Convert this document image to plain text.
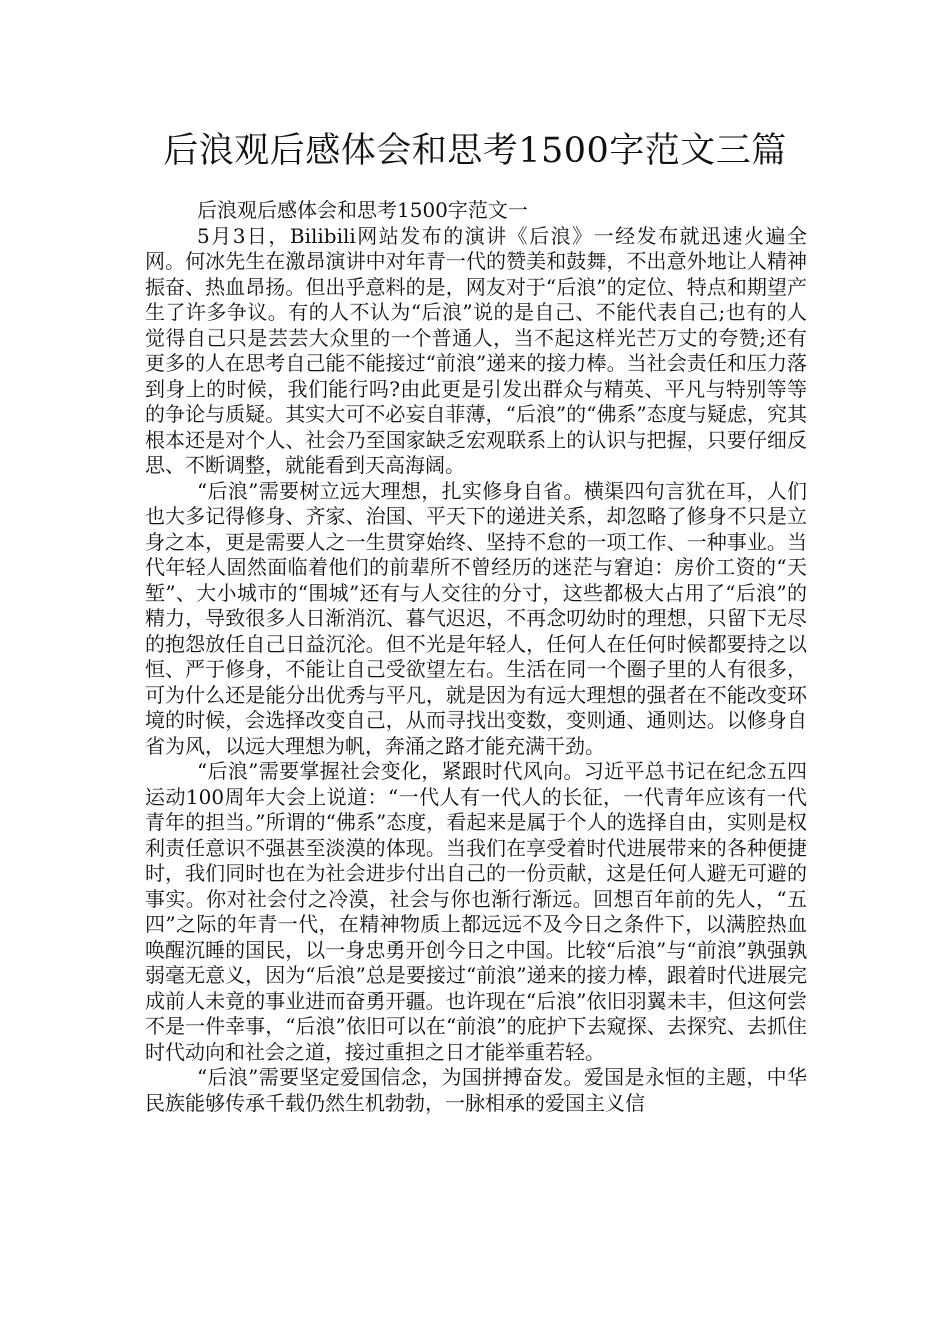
后浪观后感体会和思考1500字范文三篇

后浪观后感体会和思考1500字范文一

5月3日，Bilibili网站发布的演讲《后浪》一经发布就迅速火遍全网。何冰先生在激昂演讲中对年青一代的赞美和鼓舞，不出意外地让人精神振奋、热血昂扬。但出乎意料的是，网友对于“后浪”的定位、特点和期望产生了许多争议。有的人不认为“后浪”说的是自己、不能代表自己;也有的人觉得自己只是芸芸大众里的一个普通人，当不起这样光芒万丈的夸赞;还有更多的人在思考自己能不能接过“前浪”递来的接力棒。当社会责任和压力落到身上的时候，我们能行吗?由此更是引发出群众与精英、平凡与特别等等的争论与质疑。其实大可不必妄自菲薄，“后浪”的“佛系”态度与疑虑，究其根本还是对个人、社会乃至国家缺乏宏观联系上的认识与把握，只要仔细反思、不断调整，就能看到天高海阔。

“后浪”需要树立远大理想，扎实修身自省。横渠四句言犹在耳，人们也大多记得修身、齐家、治国、平天下的递进关系，却忽略了修身不只是立身之本，更是需要人之一生贯穿始终、坚持不怠的一项工作、一种事业。当代年轻人固然面临着他们的前辈所不曾经历的迷茫与窘迫：房价工资的“天堑”、大小城市的“围城”还有与人交往的分寸，这些都极大占用了“后浪”的精力，导致很多人日渐消沉、暮气迟迟，不再念叨幼时的理想，只留下无尽的抱怨放任自己日益沉沦。但不光是年轻人，任何人在任何时候都要持之以恒、严于修身，不能让自己受欲望左右。生活在同一个圈子里的人有很多，可为什么还是能分出优秀与平凡，就是因为有远大理想的强者在不能改变环境的时候，会选择改变自己，从而寻找出变数，变则通、通则达。以修身自省为风，以远大理想为帆，奔涌之路才能充满干劲。

“后浪”需要掌握社会变化，紧跟时代风向。习近平总书记在纪念五四运动100周年大会上说道：“一代人有一代人的长征，一代青年应该有一代青年的担当。”所谓的“佛系”态度，看起来是属于个人的选择自由，实则是权利责任意识不强甚至淡漠的体现。当我们在享受着时代进展带来的各种便捷时，我们同时也在为社会进步付出自己的一份贡献，这是任何人避无可避的事实。你对社会付之冷漠，社会与你也渐行渐远。回想百年前的先人，“五四”之际的年青一代，在精神物质上都远远不及今日之条件下，以满腔热血唤醒沉睡的国民，以一身忠勇开创今日之中国。比较“后浪”与“前浪”孰强孰弱毫无意义，因为“后浪”总是要接过“前浪”递来的接力棒，跟着时代进展完成前人未竟的事业进而奋勇开疆。也许现在“后浪”依旧羽翼未丰，但这何尝不是一件幸事，“后浪”依旧可以在“前浪”的庇护下去窥探、去探究、去抓住时代动向和社会之道，接过重担之日才能举重若轻。

“后浪”需要坚定爱国信念，为国拼搏奋发。爱国是永恒的主题，中华民族能够传承千载仍然生机勃勃，一脉相承的爱国主义信
